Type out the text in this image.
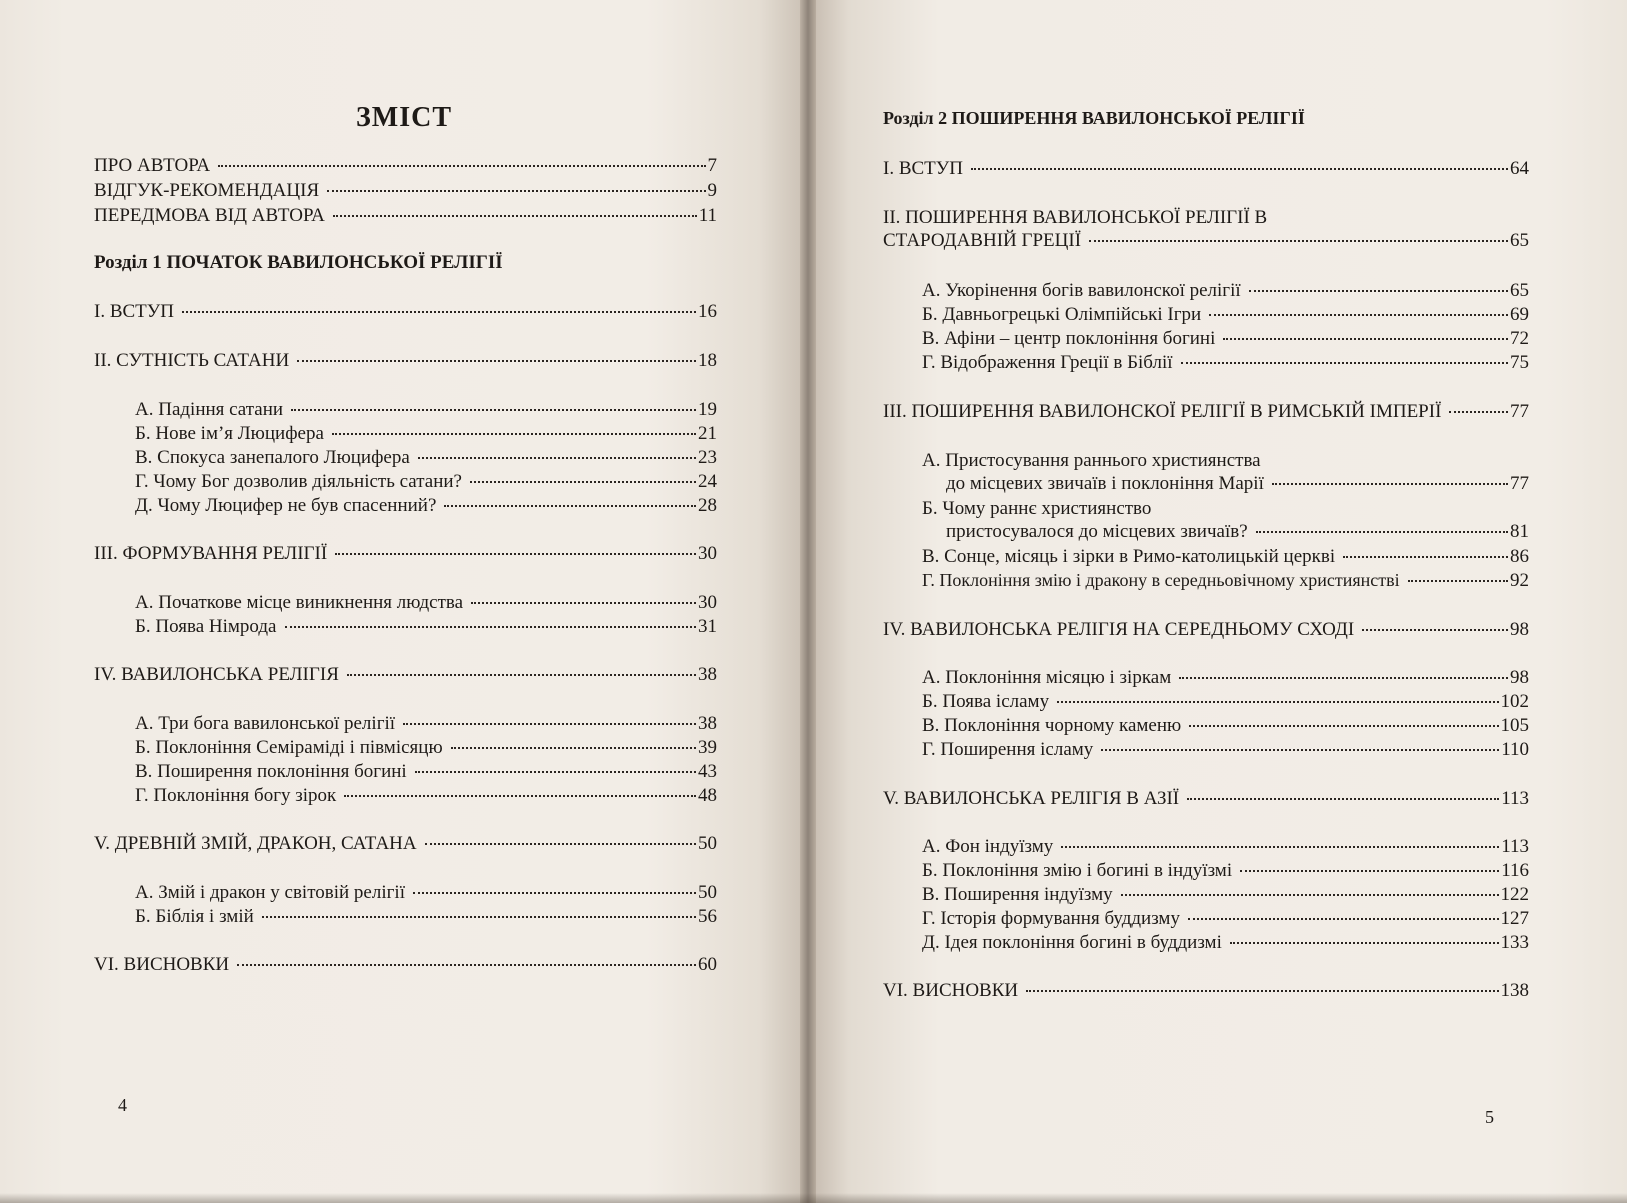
ЗМІСТ
ПРО АВТОРА	7
ВІДГУК-РЕКОМЕНДАЦІЯ	9
ПЕРЕДМОВА ВІД АВТОРА	11
Розділ 1 ПОЧАТОК ВАВИЛОНСЬКОЇ РЕЛІГІЇ
I. ВСТУП	16
II. СУТНІСТЬ САТАНИ	18
А. Падіння сатани	19
Б. Нове ім’я Люцифера	21
В. Спокуса занепалого Люцифера	23
Г. Чому Бог дозволив діяльність сатани?	24
Д. Чому Люцифер не був спасенний?	28
III. ФОРМУВАННЯ РЕЛІГІЇ	30
А. Початкове місце виникнення людства	30
Б. Поява Німрода	31
IV. ВАВИЛОНСЬКА РЕЛІГІЯ	38
А. Три бога вавилонської релігії	38
Б. Поклоніння Семіраміді і півмісяцю	39
В. Поширення поклоніння богині	43
Г. Поклоніння богу зірок	48
V. ДРЕВНІЙ ЗМІЙ, ДРАКОН, САТАНА	50
А. Змій і дракон у світовій релігії	50
Б. Біблія і змій	56
VI. ВИСНОВКИ	60
4
Розділ 2 ПОШИРЕННЯ ВАВИЛОНСЬКОЇ РЕЛІГІЇ
I. ВСТУП	64
II. ПОШИРЕННЯ ВАВИЛОНСЬКОЇ РЕЛІГІЇ В
СТАРОДАВНІЙ ГРЕЦІЇ	65
А. Укорінення богів вавилонскої релігії	65
Б. Давньогрецькі Олімпійські Ігри	69
В. Афіни – центр поклоніння богині	72
Г. Відображення Греції в Біблії	75
III. ПОШИРЕННЯ ВАВИЛОНСКОЇ РЕЛІГІЇ В РИМСЬКІЙ ІМПЕРІЇ	77
А. Пристосування раннього християнства
до місцевих звичаїв і поклоніння Марії	77
Б. Чому раннє християнство
пристосувалося до місцевих звичаїв?	81
В. Сонце, місяць і зірки в Римо-католицькій церкві	86
Г. Поклоніння змію і дракону в середньовічному християнстві	92
IV. ВАВИЛОНСЬКА РЕЛІГІЯ НА СЕРЕДНЬОМУ СХОДІ	98
А. Поклоніння місяцю і зіркам	98
Б. Поява ісламу	102
В. Поклоніння чорному каменю	105
Г. Поширення ісламу	110
V. ВАВИЛОНСЬКА РЕЛІГІЯ В АЗІЇ	113
А. Фон індуїзму	113
Б. Поклоніння змію і богині в індуїзмі	116
В. Поширення індуїзму	122
Г. Історія формування буддизму	127
Д. Ідея поклоніння богині в буддизмі	133
VI. ВИСНОВКИ	138
5
